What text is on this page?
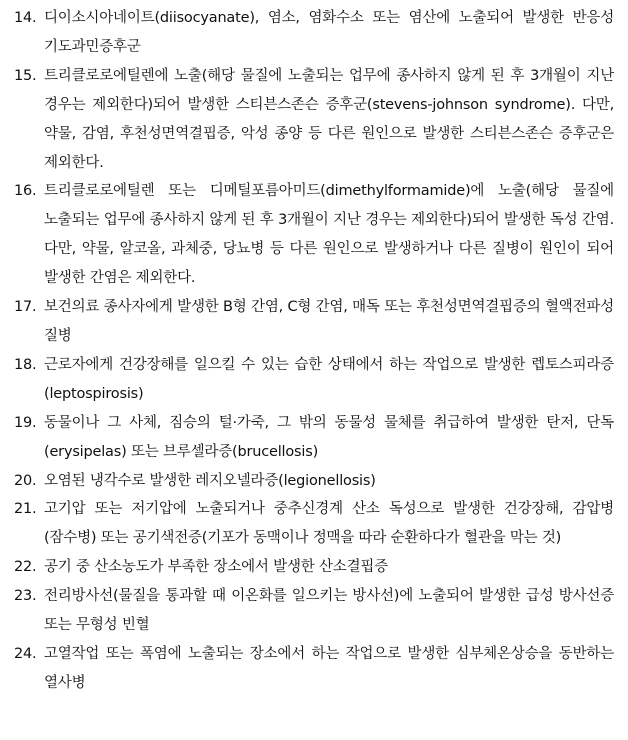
14. 디이소시아네이트(diisocyanate), 염소, 염화수소 또는 염산에 노출되어 발생한 반응성 기도과민증후군
15. 트리클로로에틸렌에 노출(해당 물질에 노출되는 업무에 종사하지 않게 된 후 3개월이 지난 경우는 제외한다)되어 발생한 스티븐스존슨 증후군(stevens-johnson syndrome). 다만, 약물, 감염, 후천성면역결핍증, 악성 종양 등 다른 원인으로 발생한 스티븐스존슨 증후군은 제외한다.
16. 트리클로로에틸렌 또는 디메틸포름아미드(dimethylformamide)에 노출(해당 물질에 노출되는 업무에 종사하지 않게 된 후 3개월이 지난 경우는 제외한다)되어 발생한 독성 간염. 다만, 약물, 알코올, 과체중, 당뇨병 등 다른 원인으로 발생하거나 다른 질병이 원인이 되어 발생한 간염은 제외한다.
17. 보건의료 종사자에게 발생한 B형 간염, C형 간염, 매독 또는 후천성면역결핍증의 혈액전파성 질병
18. 근로자에게 건강장해를 일으킬 수 있는 습한 상태에서 하는 작업으로 발생한 렙토스피라증(leptospirosis)
19. 동물이나 그 사체, 짐승의 털·가죽, 그 밖의 동물성 물체를 취급하여 발생한 탄저, 단독(erysipelas) 또는 브루셀라증(brucellosis)
20. 오염된 냉각수로 발생한 레지오넬라증(legionellosis)
21. 고기압 또는 저기압에 노출되거나 중추신경계 산소 독성으로 발생한 건강장해, 감압병(잠수병) 또는 공기색전증(기포가 동맥이나 정맥을 따라 순환하다가 혈관을 막는 것)
22. 공기 중 산소농도가 부족한 장소에서 발생한 산소결핍증
23. 전리방사선(물질을 통과할 때 이온화를 일으키는 방사선)에 노출되어 발생한 급성 방사선증 또는 무형성 빈혈
24. 고열작업 또는 폭염에 노출되는 장소에서 하는 작업으로 발생한 심부체온상승을 동반하는 열사병
